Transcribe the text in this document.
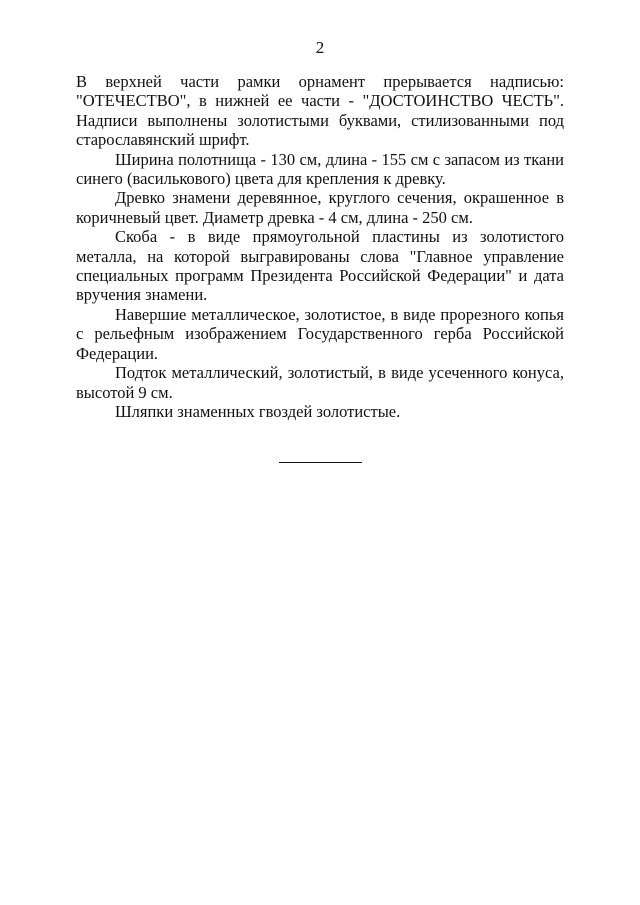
2

В верхней части рамки орнамент прерывается надписью: "ОТЕЧЕСТВО", в нижней ее части - "ДОСТОИНСТВО ЧЕСТЬ". Надписи выполнены золотистыми буквами, стилизованными под старославянский шрифт.

Ширина полотнища - 130 см, длина - 155 см с запасом из ткани синего (василькового) цвета для крепления к древку.

Древко знамени деревянное, круглого сечения, окрашенное в коричневый цвет. Диаметр древка - 4 см, длина - 250 см.

Скоба - в виде прямоугольной пластины из золотистого металла, на которой выгравированы слова "Главное управление специальных программ Президента Российской Федерации" и дата вручения знамени.

Навершие металлическое, золотистое, в виде прорезного копья с рельефным изображением Государственного герба Российской Федерации.

Подток металлический, золотистый, в виде усеченного конуса, высотой 9 см.

Шляпки знаменных гвоздей золотистые.
